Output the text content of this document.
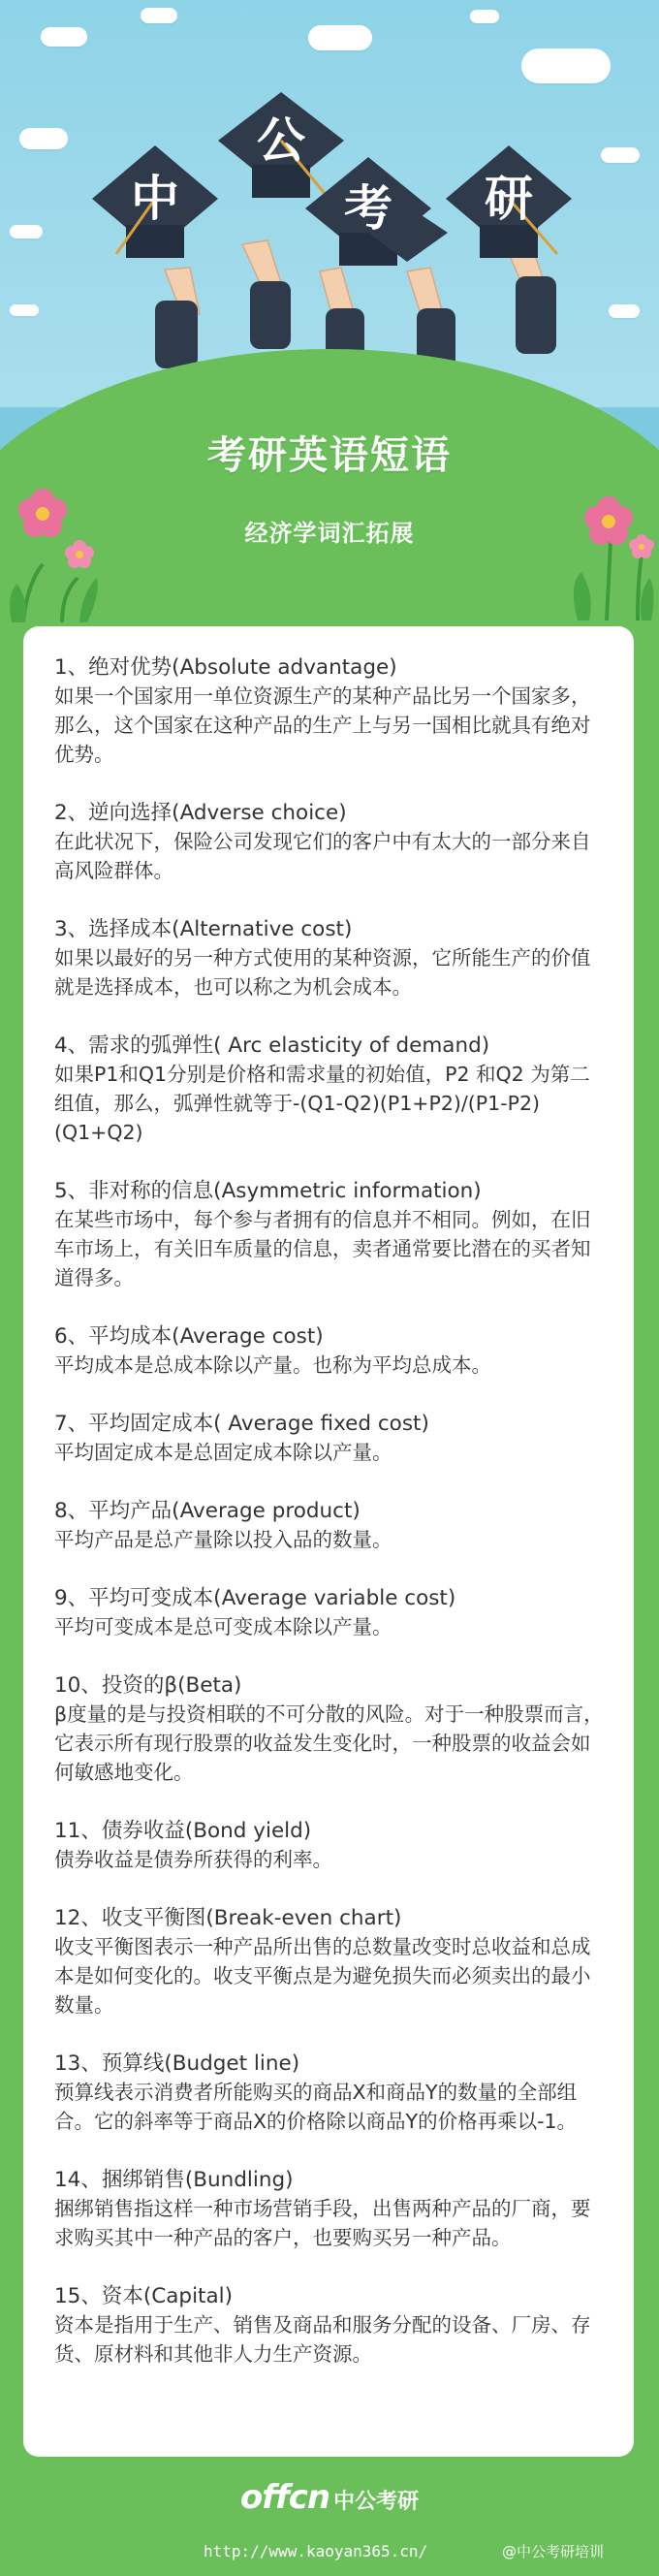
中
公
考 研
考研英语短语
经济学词汇拓展
1、绝对优势(Absolute advantage)
如果一个国家用一单位资源生产的某种产品比另一个国家多，那么，这个国家在这种产品的生产上与另一国相比就具有绝对优势。
2、逆向选择(Adverse choice)
在此状况下，保险公司发现它们的客户中有太大的一部分来自高风险群体。
3、选择成本(Alternative cost)
如果以最好的另一种方式使用的某种资源，它所能生产的价值就是选择成本，也可以称之为机会成本。
4、需求的弧弹性( Arc elasticity of demand)
如果P1和Q1分别是价格和需求量的初始值，P2 和Q2 为第二组值，那么，弧弹性就等于-(Q1-Q2)(P1+P2)/(P1-P2)(Q1+Q2)
5、非对称的信息(Asymmetric information)
在某些市场中，每个参与者拥有的信息并不相同。例如，在旧车市场上，有关旧车质量的信息，卖者通常要比潜在的买者知道得多。
6、平均成本(Average cost)
平均成本是总成本除以产量。也称为平均总成本。
7、平均固定成本( Average fixed cost)
平均固定成本是总固定成本除以产量。
8、平均产品(Average product)
平均产品是总产量除以投入品的数量。
9、平均可变成本(Average variable cost)
平均可变成本是总可变成本除以产量。
10、投资的β(Beta)
β度量的是与投资相联的不可分散的风险。对于一种股票而言，它表示所有现行股票的收益发生变化时，一种股票的收益会如何敏感地变化。
11、债券收益(Bond yield)
债券收益是债券所获得的利率。
12、收支平衡图(Break-even chart)
收支平衡图表示一种产品所出售的总数量改变时总收益和总成本是如何变化的。收支平衡点是为避免损失而必须卖出的最小数量。
13、预算线(Budget line)
预算线表示消费者所能购买的商品X和商品Y的数量的全部组合。它的斜率等于商品X的价格除以商品Y的价格再乘以-1。
14、捆绑销售(Bundling)
捆绑销售指这样一种市场营销手段，出售两种产品的厂商，要求购买其中一种产品的客户，也要购买另一种产品。
15、资本(Capital)
资本是指用于生产、销售及商品和服务分配的设备、厂房、存货、原材料和其他非人力生产资源。
offcn 中公考研
http://www.kaoyan365.cn/	@中公考研培训
